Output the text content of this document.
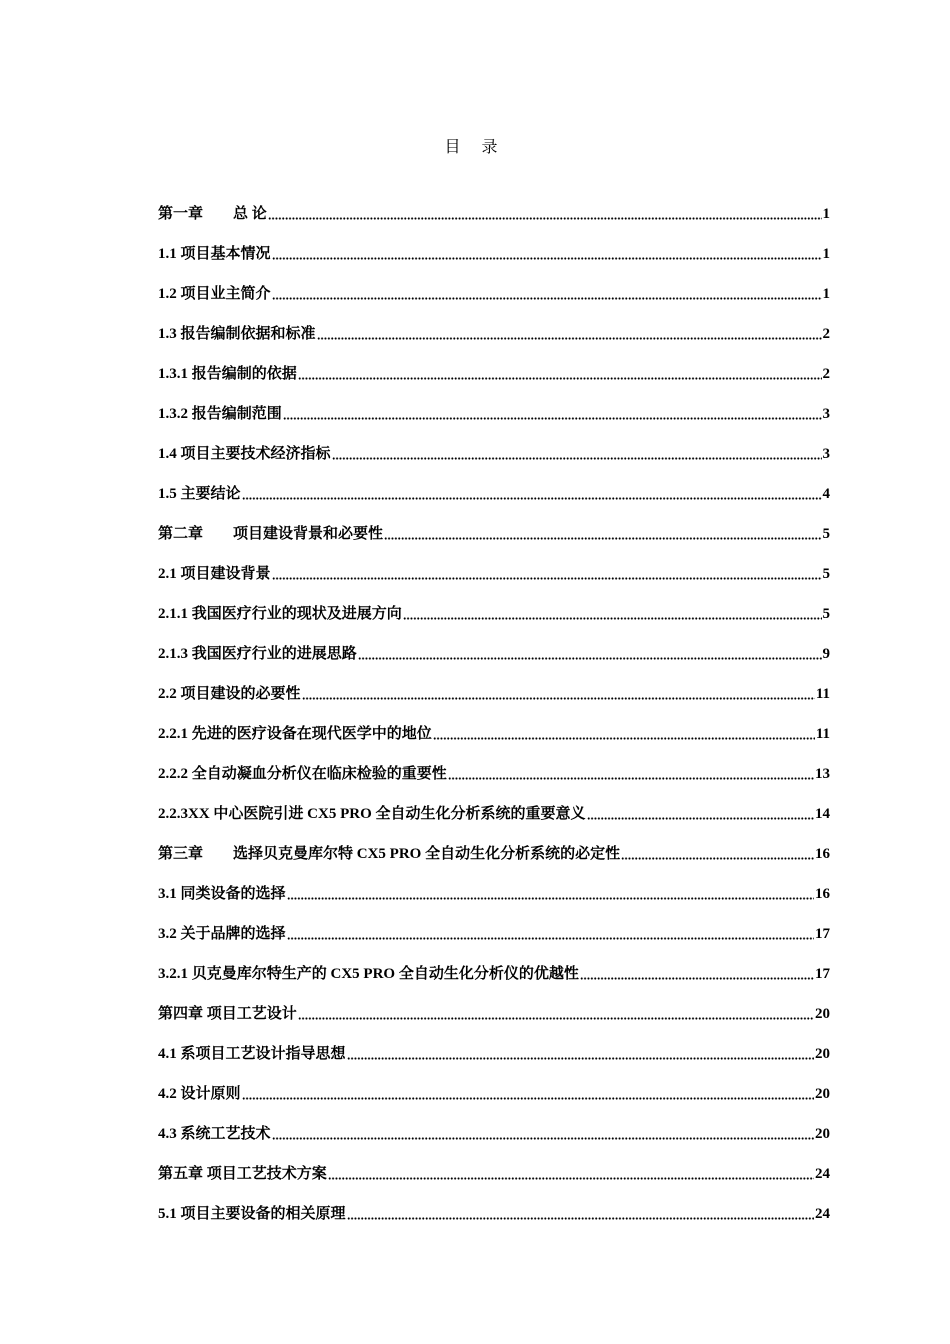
目 录
第一章　　总 论	1
1.1 项目基本情况	1
1.2 项目业主简介	1
1.3 报告编制依据和标准	2
1.3.1 报告编制的依据	2
1.3.2 报告编制范围	3
1.4 项目主要技术经济指标	3
1.5 主要结论	4
第二章　　项目建设背景和必要性	5
2.1 项目建设背景	5
2.1.1 我国医疗行业的现状及进展方向	5
2.1.3 我国医疗行业的进展思路	9
2.2 项目建设的必要性	11
2.2.1 先进的医疗设备在现代医学中的地位	11
2.2.2 全自动凝血分析仪在临床检验的重要性	13
2.2.3XX 中心医院引进 CX5 PRO 全自动生化分析系统的重要意义	14
第三章　　选择贝克曼库尔特 CX5 PRO 全自动生化分析系统的必定性	16
3.1 同类设备的选择	16
3.2 关于品牌的选择	17
3.2.1 贝克曼库尔特生产的 CX5 PRO 全自动生化分析仪的优越性	17
第四章 项目工艺设计	20
4.1 系项目工艺设计指导思想	20
4.2 设计原则	20
4.3 系统工艺技术	20
第五章 项目工艺技术方案	24
5.1 项目主要设备的相关原理	24
